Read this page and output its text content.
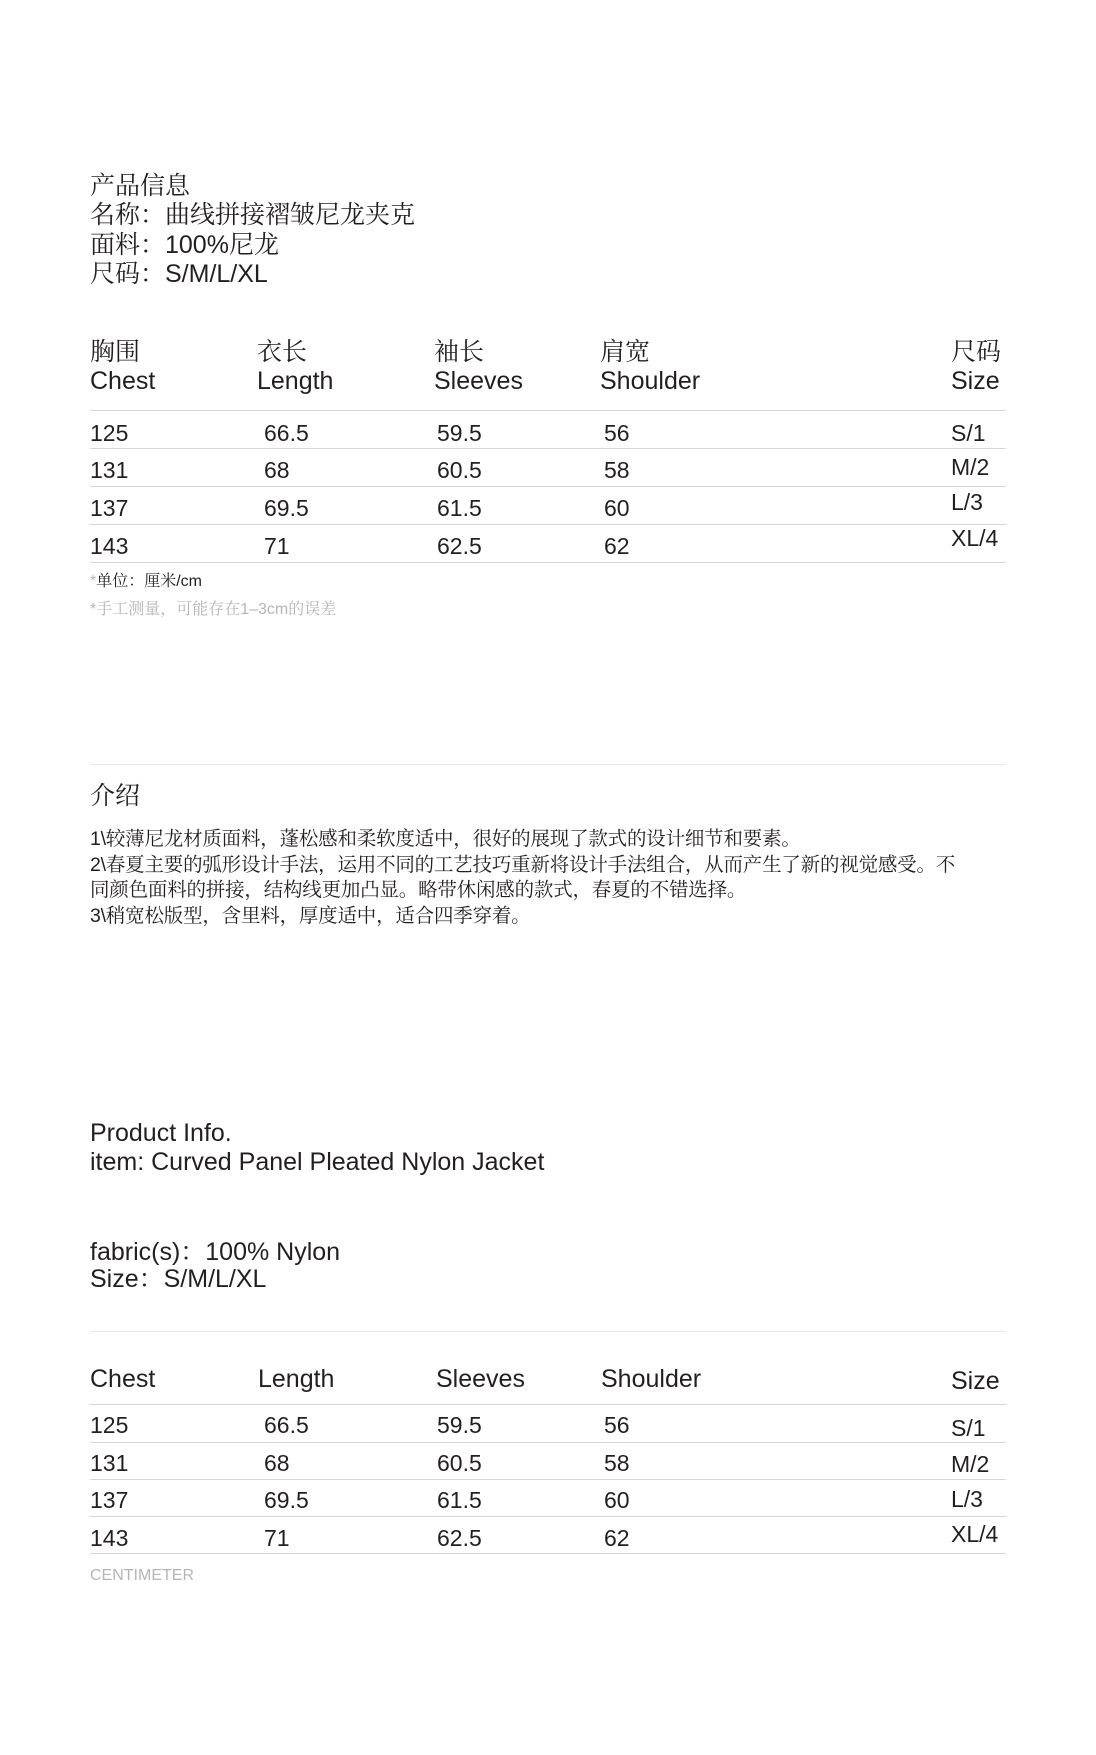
产品信息
名称：曲线拼接褶皱尼龙夹克
面料：100%尼龙
尺码：S/M/L/XL
胸围	衣长	袖长	肩宽	尺码
Chest	Length	Sleeves	Shoulder	Size
125	66.5	59.5	56	S/1
131	68	60.5	58	M/2
137	69.5	61.5	60	L/3
143	71	62.5	62	XL/4
*单位：厘米/cm
*手工测量，可能存在1–3cm的误差
介绍
1\较薄尼龙材质面料，蓬松感和柔软度适中，很好的展现了款式的设计细节和要素。
2\春夏主要的弧形设计手法，运用不同的工艺技巧重新将设计手法组合，从而产生了新的视觉感受。不
同颜色面料的拼接，结构线更加凸显。略带休闲感的款式，春夏的不错选择。
3\稍宽松版型，含里料，厚度适中，适合四季穿着。
Product Info.
item: Curved Panel Pleated Nylon Jacket
fabric(s)：100% Nylon
Size：S/M/L/XL
Chest	Length	Sleeves	Shoulder	Size
125	66.5	59.5	56	S/1
131	68	60.5	58	M/2
137	69.5	61.5	60	L/3
143	71	62.5	62	XL/4
CENTIMETER
